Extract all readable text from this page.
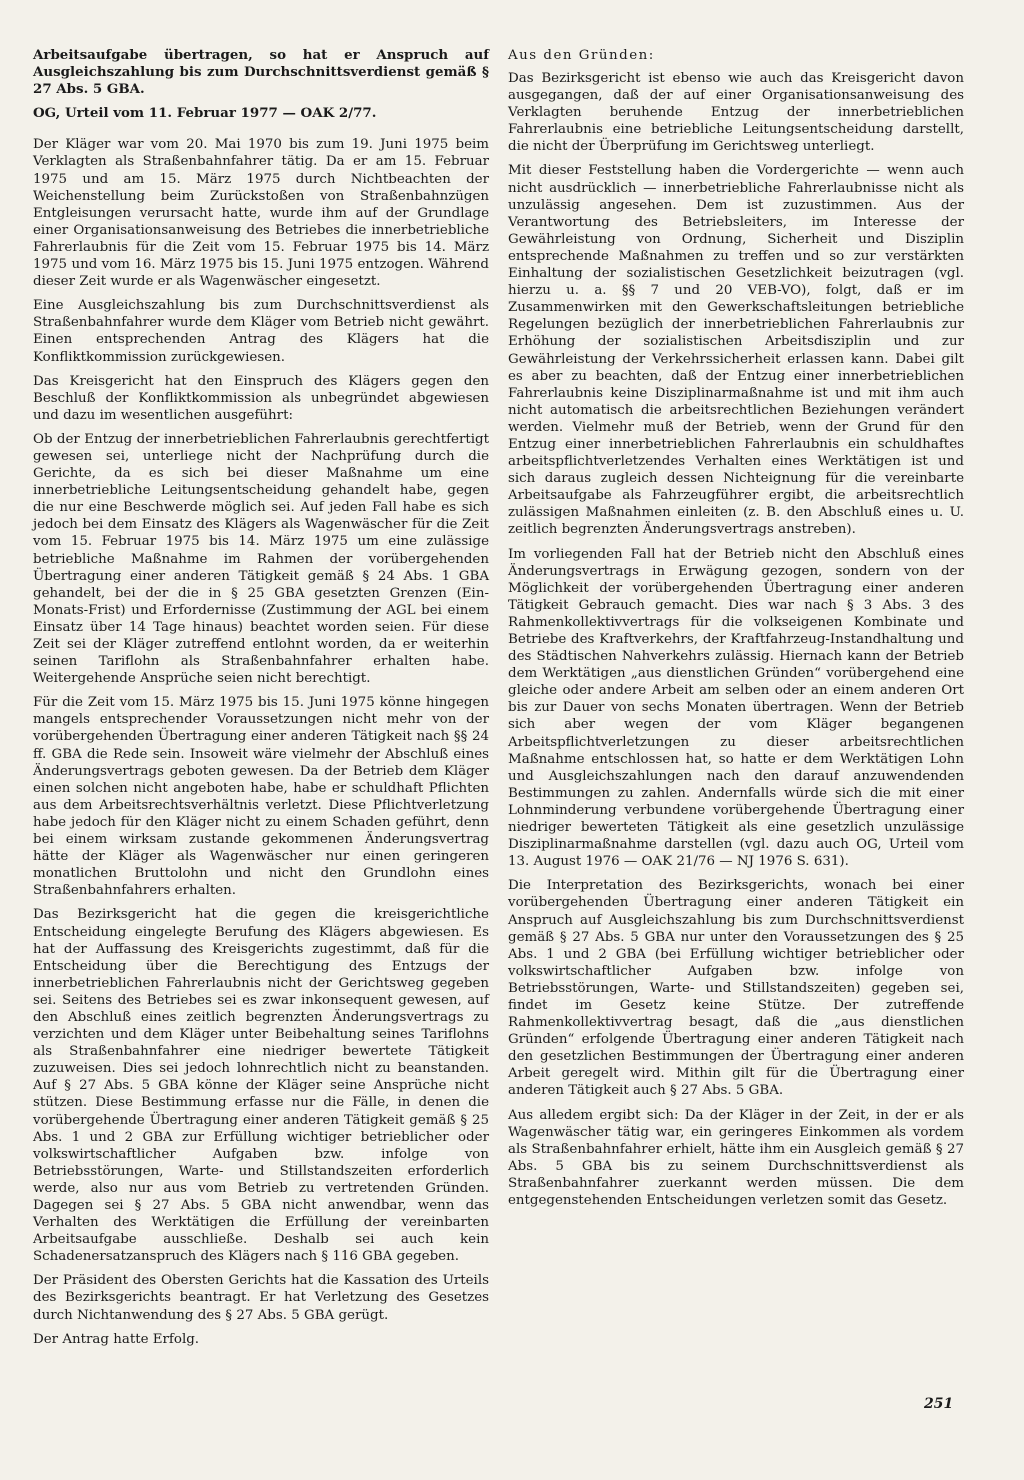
Arbeitsaufgabe übertragen, so hat er Anspruch auf Ausgleichszahlung bis zum Durchschnittsverdienst gemäß § 27 Abs. 5 GBA.

OG, Urteil vom 11. Februar 1977 — OAK 2/77.

Der Kläger war vom 20. Mai 1970 bis zum 19. Juni 1975 beim Verklagten als Straßenbahnfahrer tätig. Da er am 15. Februar 1975 und am 15. März 1975 durch Nichtbeachten der Weichenstellung beim Zurückstoßen von Straßenbahnzügen Entgleisungen verursacht hatte, wurde ihm auf der Grundlage einer Organisationsanweisung des Betriebes die innerbetriebliche Fahrerlaubnis für die Zeit vom 15. Februar 1975 bis 14. März 1975 und vom 16. März 1975 bis 15. Juni 1975 entzogen. Während dieser Zeit wurde er als Wagenwäscher eingesetzt.

Eine Ausgleichszahlung bis zum Durchschnittsverdienst als Straßenbahnfahrer wurde dem Kläger vom Betrieb nicht gewährt. Einen entsprechenden Antrag des Klägers hat die Konfliktkommission zurückgewiesen.

Das Kreisgericht hat den Einspruch des Klägers gegen den Beschluß der Konfliktkommission als unbegründet abgewiesen und dazu im wesentlichen ausgeführt:

Ob der Entzug der innerbetrieblichen Fahrerlaubnis gerechtfertigt gewesen sei, unterliege nicht der Nachprüfung durch die Gerichte, da es sich bei dieser Maßnahme um eine innerbetriebliche Leitungsentscheidung gehandelt habe, gegen die nur eine Beschwerde möglich sei. Auf jeden Fall habe es sich jedoch bei dem Einsatz des Klägers als Wagenwäscher für die Zeit vom 15. Februar 1975 bis 14. März 1975 um eine zulässige betriebliche Maßnahme im Rahmen der vorübergehenden Übertragung einer anderen Tätigkeit gemäß § 24 Abs. 1 GBA gehandelt, bei der die in § 25 GBA gesetzten Grenzen (Ein-Monats-Frist) und Erfordernisse (Zustimmung der AGL bei einem Einsatz über 14 Tage hinaus) beachtet worden seien. Für diese Zeit sei der Kläger zutreffend entlohnt worden, da er weiterhin seinen Tariflohn als Straßenbahnfahrer erhalten habe. Weitergehende Ansprüche seien nicht berechtigt.

Für die Zeit vom 15. März 1975 bis 15. Juni 1975 könne hingegen mangels entsprechender Voraussetzungen nicht mehr von der vorübergehenden Übertragung einer anderen Tätigkeit nach §§ 24 ff. GBA die Rede sein. Insoweit wäre vielmehr der Abschluß eines Änderungsvertrags geboten gewesen. Da der Betrieb dem Kläger einen solchen nicht angeboten habe, habe er schuldhaft Pflichten aus dem Arbeitsrechtsverhältnis verletzt. Diese Pflichtverletzung habe jedoch für den Kläger nicht zu einem Schaden geführt, denn bei einem wirksam zustande gekommenen Änderungsvertrag hätte der Kläger als Wagenwäscher nur einen geringeren monatlichen Bruttolohn und nicht den Grundlohn eines Straßenbahnfahrers erhalten.

Das Bezirksgericht hat die gegen die kreisgerichtliche Entscheidung eingelegte Berufung des Klägers abgewiesen. Es hat der Auffassung des Kreisgerichts zugestimmt, daß für die Entscheidung über die Berechtigung des Entzugs der innerbetrieblichen Fahrerlaubnis nicht der Gerichtsweg gegeben sei. Seitens des Betriebes sei es zwar inkonsequent gewesen, auf den Abschluß eines zeitlich begrenzten Änderungsvertrags zu verzichten und dem Kläger unter Beibehaltung seines Tariflohns als Straßenbahnfahrer eine niedriger bewertete Tätigkeit zuzuweisen. Dies sei jedoch lohnrechtlich nicht zu beanstanden. Auf § 27 Abs. 5 GBA könne der Kläger seine Ansprüche nicht stützen. Diese Bestimmung erfasse nur die Fälle, in denen die vorübergehende Übertragung einer anderen Tätigkeit gemäß § 25 Abs. 1 und 2 GBA zur Erfüllung wichtiger betrieblicher oder volkswirtschaftlicher Aufgaben bzw. infolge von Betriebsstörungen, Warte- und Stillstandszeiten erforderlich werde, also nur aus vom Betrieb zu vertretenden Gründen. Dagegen sei § 27 Abs. 5 GBA nicht anwendbar, wenn das Verhalten des Werktätigen die Erfüllung der vereinbarten Arbeitsaufgabe ausschließe. Deshalb sei auch kein Schadenersatzanspruch des Klägers nach § 116 GBA gegeben.

Der Präsident des Obersten Gerichts hat die Kassation des Urteils des Bezirksgerichts beantragt. Er hat Verletzung des Gesetzes durch Nichtanwendung des § 27 Abs. 5 GBA gerügt.

Der Antrag hatte Erfolg.

Aus den Gründen:

Das Bezirksgericht ist ebenso wie auch das Kreisgericht davon ausgegangen, daß der auf einer Organisationsanweisung des Verklagten beruhende Entzug der innerbetrieblichen Fahrerlaubnis eine betriebliche Leitungsentscheidung darstellt, die nicht der Überprüfung im Gerichtsweg unterliegt.

Mit dieser Feststellung haben die Vordergerichte — wenn auch nicht ausdrücklich — innerbetriebliche Fahrerlaubnisse nicht als unzulässig angesehen. Dem ist zuzustimmen. Aus der Verantwortung des Betriebsleiters, im Interesse der Gewährleistung von Ordnung, Sicherheit und Disziplin entsprechende Maßnahmen zu treffen und so zur verstärkten Einhaltung der sozialistischen Gesetzlichkeit beizutragen (vgl. hierzu u. a. §§ 7 und 20 VEB-VO), folgt, daß er im Zusammenwirken mit den Gewerkschaftsleitungen betriebliche Regelungen bezüglich der innerbetrieblichen Fahrerlaubnis zur Erhöhung der sozialistischen Arbeitsdisziplin und zur Gewährleistung der Verkehrssicherheit erlassen kann. Dabei gilt es aber zu beachten, daß der Entzug einer innerbetrieblichen Fahrerlaubnis keine Disziplinarmaßnahme ist und mit ihm auch nicht automatisch die arbeitsrechtlichen Beziehungen verändert werden. Vielmehr muß der Betrieb, wenn der Grund für den Entzug einer innerbetrieblichen Fahrerlaubnis ein schuldhaftes arbeitspflichtverletzendes Verhalten eines Werktätigen ist und sich daraus zugleich dessen Nichteignung für die vereinbarte Arbeitsaufgabe als Fahrzeugführer ergibt, die arbeitsrechtlich zulässigen Maßnahmen einleiten (z. B. den Abschluß eines u. U. zeitlich begrenzten Änderungsvertrags anstreben).

Im vorliegenden Fall hat der Betrieb nicht den Abschluß eines Änderungsvertrags in Erwägung gezogen, sondern von der Möglichkeit der vorübergehenden Übertragung einer anderen Tätigkeit Gebrauch gemacht. Dies war nach § 3 Abs. 3 des Rahmenkollektivvertrags für die volkseigenen Kombinate und Betriebe des Kraftverkehrs, der Kraftfahrzeug-Instandhaltung und des Städtischen Nahverkehrs zulässig. Hiernach kann der Betrieb dem Werktätigen „aus dienstlichen Gründen“ vorübergehend eine gleiche oder andere Arbeit am selben oder an einem anderen Ort bis zur Dauer von sechs Monaten übertragen. Wenn der Betrieb sich aber wegen der vom Kläger begangenen Arbeitspflichtverletzungen zu dieser arbeitsrechtlichen Maßnahme entschlossen hat, so hatte er dem Werktätigen Lohn und Ausgleichszahlungen nach den darauf anzuwendenden Bestimmungen zu zahlen. Andernfalls würde sich die mit einer Lohnminderung verbundene vorübergehende Übertragung einer niedriger bewerteten Tätigkeit als eine gesetzlich unzulässige Disziplinarmaßnahme darstellen (vgl. dazu auch OG, Urteil vom 13. August 1976 — OAK 21/76 — NJ 1976 S. 631).

Die Interpretation des Bezirksgerichts, wonach bei einer vorübergehenden Übertragung einer anderen Tätigkeit ein Anspruch auf Ausgleichszahlung bis zum Durchschnittsverdienst gemäß § 27 Abs. 5 GBA nur unter den Voraussetzungen des § 25 Abs. 1 und 2 GBA (bei Erfüllung wichtiger betrieblicher oder volkswirtschaftlicher Aufgaben bzw. infolge von Betriebsstörungen, Warte- und Stillstandszeiten) gegeben sei, findet im Gesetz keine Stütze. Der zutreffende Rahmenkollektivvertrag besagt, daß die „aus dienstlichen Gründen“ erfolgende Übertragung einer anderen Tätigkeit nach den gesetzlichen Bestimmungen der Übertragung einer anderen Arbeit geregelt wird. Mithin gilt für die Übertragung einer anderen Tätigkeit auch § 27 Abs. 5 GBA.

Aus alledem ergibt sich: Da der Kläger in der Zeit, in der er als Wagenwäscher tätig war, ein geringeres Einkommen als vordem als Straßenbahnfahrer erhielt, hätte ihm ein Ausgleich gemäß § 27 Abs. 5 GBA bis zu seinem Durchschnittsverdienst als Straßenbahnfahrer zuerkannt werden müssen. Die dem entgegenstehenden Entscheidungen verletzen somit das Gesetz.

251
